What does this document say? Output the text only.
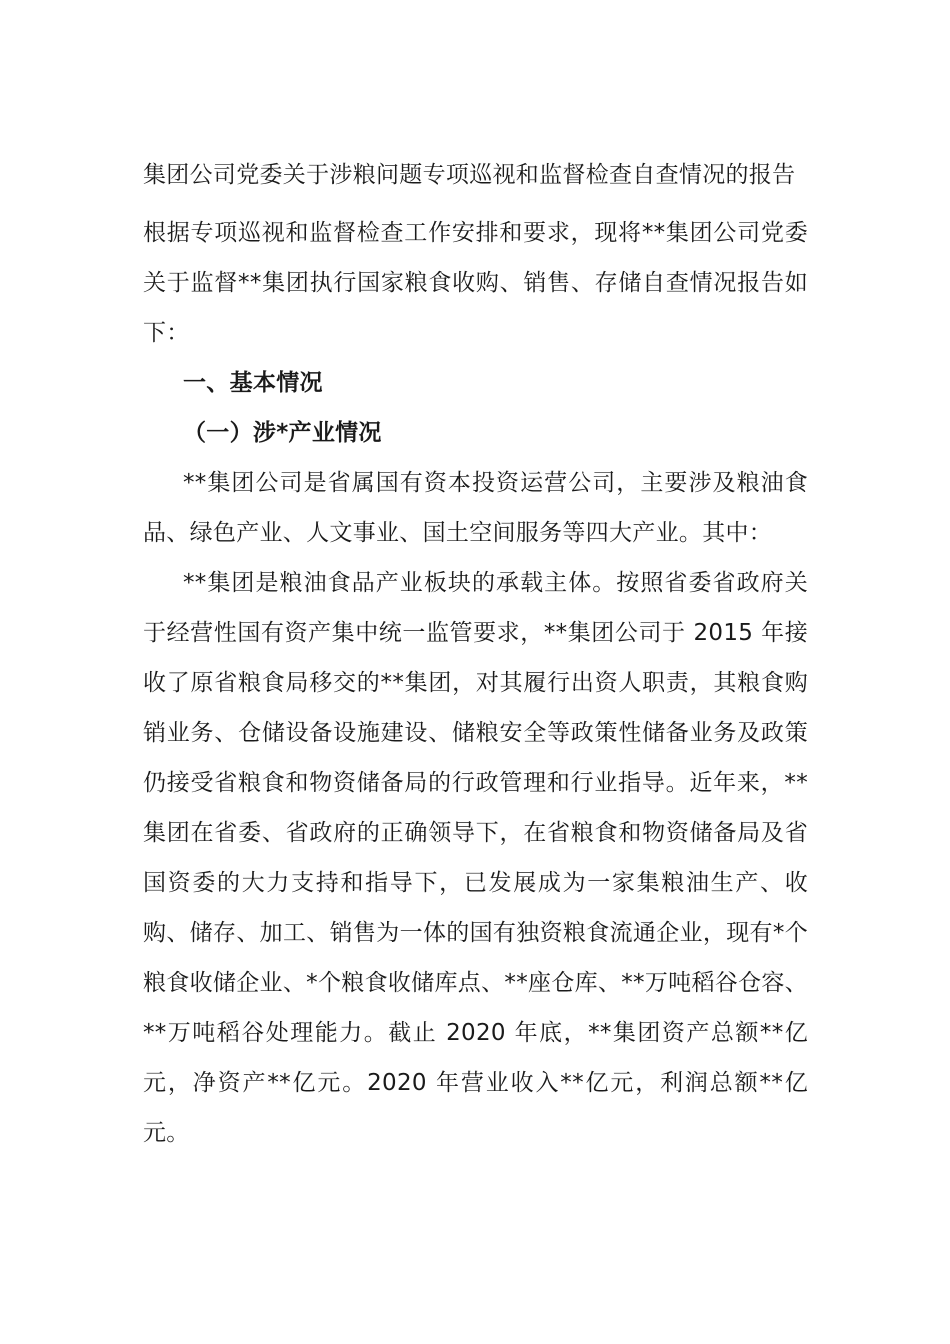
集团公司党委关于涉粮问题专项巡视和监督检查自查情况的报告

根据专项巡视和监督检查工作安排和要求，现将**集团公司党委关于监督**集团执行国家粮食收购、销售、存储自查情况报告如下：

一、基本情况

（一）涉*产业情况

**集团公司是省属国有资本投资运营公司，主要涉及粮油食品、绿色产业、人文事业、国土空间服务等四大产业。其中：

**集团是粮油食品产业板块的承载主体。按照省委省政府关于经营性国有资产集中统一监管要求，**集团公司于 2015 年接收了原省粮食局移交的**集团，对其履行出资人职责，其粮食购销业务、仓储设备设施建设、储粮安全等政策性储备业务及政策仍接受省粮食和物资储备局的行政管理和行业指导。近年来，**集团在省委、省政府的正确领导下，在省粮食和物资储备局及省国资委的大力支持和指导下，已发展成为一家集粮油生产、收购、储存、加工、销售为一体的国有独资粮食流通企业，现有*个粮食收储企业、*个粮食收储库点、**座仓库、**万吨稻谷仓容、**万吨稻谷处理能力。截止 2020 年底，**集团资产总额**亿元，净资产**亿元。2020 年营业收入**亿元，利润总额**亿元。
